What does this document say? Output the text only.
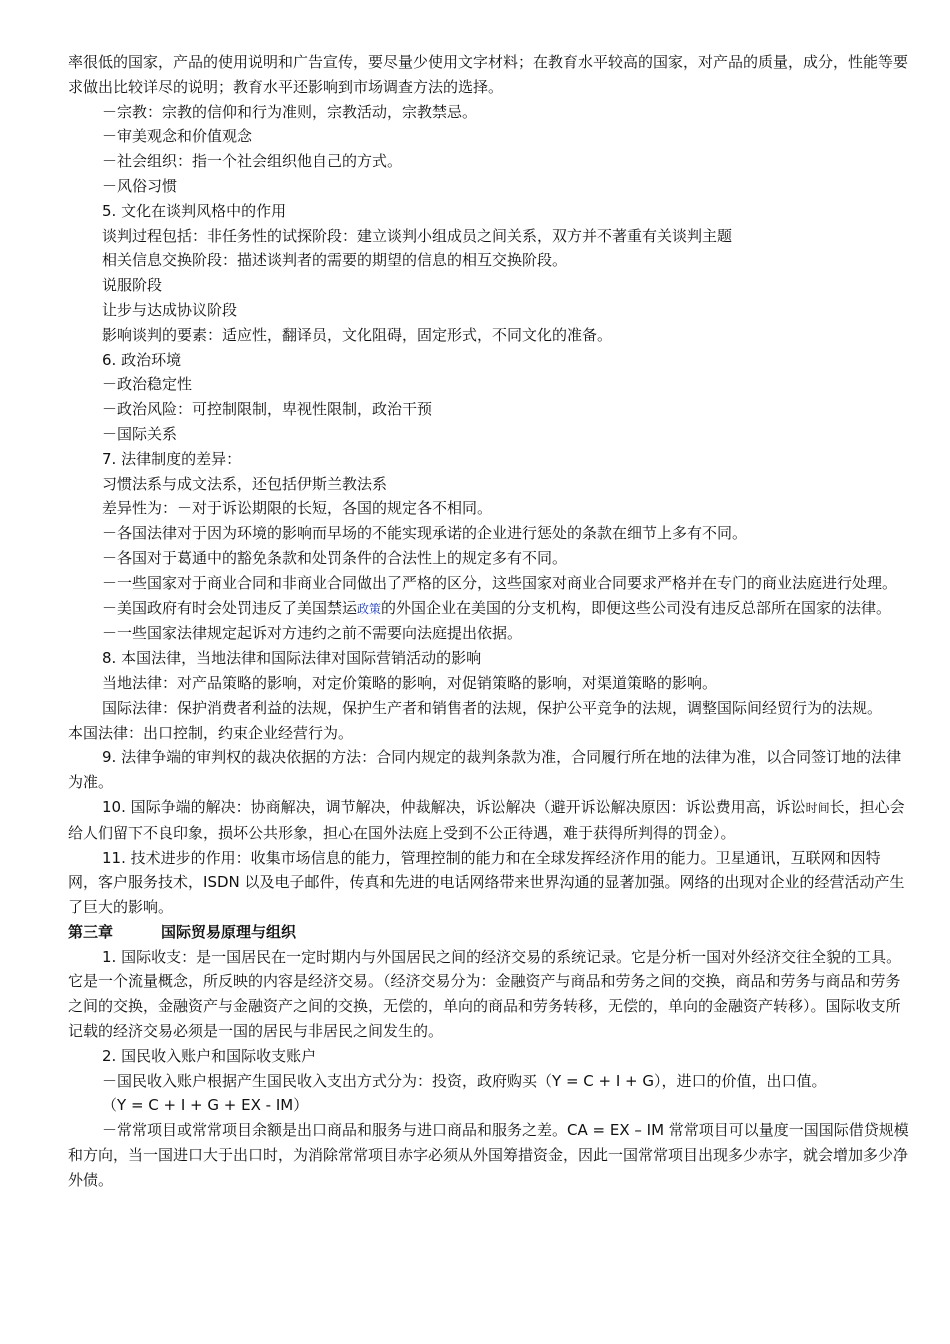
率很低的国家，产品的使用说明和广告宣传，要尽量少使用文字材料；在教育水平较高的国家，对产品的质量，成分，性能等要求做出比较详尽的说明；教育水平还影响到市场调查方法的选择。

－宗教：宗教的信仰和行为准则，宗教活动，宗教禁忌。

－审美观念和价值观念

－社会组织：指一个社会组织他自己的方式。

－风俗习惯

5. 文化在谈判风格中的作用

谈判过程包括：非任务性的试探阶段：建立谈判小组成员之间关系，双方并不著重有关谈判主题

相关信息交换阶段：描述谈判者的需要的期望的信息的相互交换阶段。

说服阶段

让步与达成协议阶段

影响谈判的要素：适应性，翻译员，文化阻碍，固定形式，不同文化的准备。

6. 政治环境

－政治稳定性

－政治风险：可控制限制，卑视性限制，政治干预

－国际关系

7. 法律制度的差异：

习惯法系与成文法系，还包括伊斯兰教法系

差异性为：－对于诉讼期限的长短，各国的规定各不相同。

－各国法律对于因为环境的影响而早场的不能实现承诺的企业进行惩处的条款在细节上多有不同。

－各国对于葛通中的豁免条款和处罚条件的合法性上的规定多有不同。

－一些国家对于商业合同和非商业合同做出了严格的区分，这些国家对商业合同要求严格并在专门的商业法庭进行处理。

－美国政府有时会处罚违反了美国禁运政策的外国企业在美国的分支机构，即便这些公司没有违反总部所在国家的法律。

－一些国家法律规定起诉对方违约之前不需要向法庭提出依据。

8. 本国法律，当地法律和国际法律对国际营销活动的影响

当地法律：对产品策略的影响，对定价策略的影响，对促销策略的影响，对渠道策略的影响。

国际法律：保护消费者利益的法规，保护生产者和销售者的法规，保护公平竞争的法规，调整国际间经贸行为的法规。

本国法律：出口控制，约束企业经营行为。

9. 法律争端的审判权的裁决依据的方法：合同内规定的裁判条款为准，合同履行所在地的法律为准，以合同签订地的法律为准。

10. 国际争端的解决：协商解决，调节解决，仲裁解决，诉讼解决（避开诉讼解决原因：诉讼费用高，诉讼时间长，担心会给人们留下不良印象，损坏公共形象，担心在国外法庭上受到不公正待遇，难于获得所判得的罚金）。

11. 技术进步的作用：收集市场信息的能力，管理控制的能力和在全球发挥经济作用的能力。卫星通讯，互联网和因特网，客户服务技术，ISDN 以及电子邮件，传真和先进的电话网络带来世界沟通的显著加强。网络的出现对企业的经营活动产生了巨大的影响。

第三章	国际贸易原理与组织

1. 国际收支：是一国居民在一定时期内与外国居民之间的经济交易的系统记录。它是分析一国对外经济交往全貌的工具。它是一个流量概念，所反映的内容是经济交易。（经济交易分为：金融资产与商品和劳务之间的交换，商品和劳务与商品和劳务之间的交换，金融资产与金融资产之间的交换，无偿的，单向的商品和劳务转移，无偿的，单向的金融资产转移）。国际收支所记载的经济交易必须是一国的居民与非居民之间发生的。

2. 国民收入账户和国际收支账户

－国民收入账户根据产生国民收入支出方式分为：投资，政府购买（Y = C + I + G），进口的价值，出口值。

（Y = C + I + G + EX - IM）

－常常项目或常常项目余额是出口商品和服务与进口商品和服务之差。CA = EX – IM 常常项目可以量度一国国际借贷规模和方向，当一国进口大于出口时，为消除常常项目赤字必须从外国筹措资金，因此一国常常项目出现多少赤字，就会增加多少净外债。
